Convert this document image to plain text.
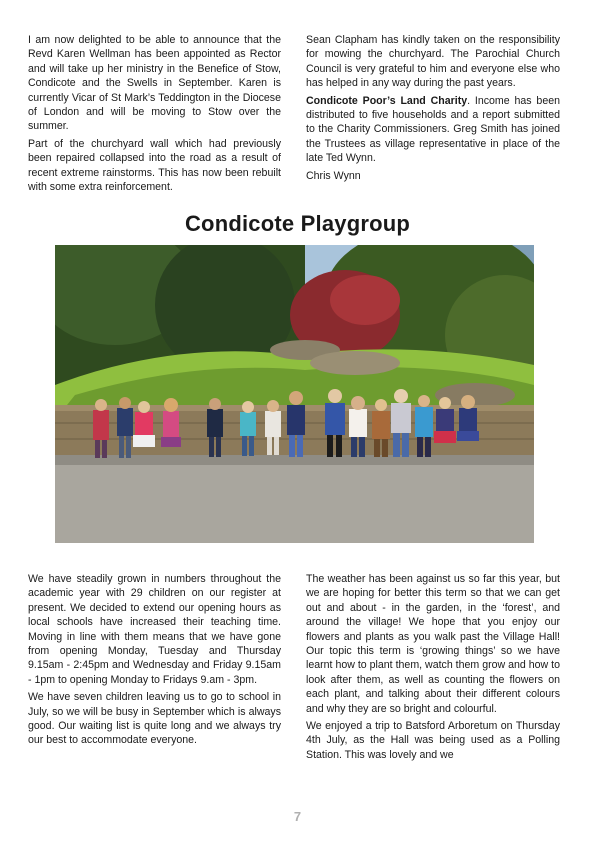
I am now delighted to be able to announce that the Revd Karen Wellman has been appointed as Rector and will take up her ministry in the Benefice of Stow, Condicote and the Swells in September. Karen is currently Vicar of St Mark’s Teddington in the Diocese of London and will be moving to Stow over the summer.

Part of the churchyard wall which had previously been repaired collapsed into the road as a result of recent extreme rainstorms. This has now been rebuilt with some extra reinforcement.

Sean Clapham has kindly taken on the responsibility for mowing the churchyard. The Parochial Church Council is very grateful to him and everyone else who has helped in any way during the past years.

Condicote Poor’s Land Charity. Income has been distributed to five households and a report submitted to the Charity Commissioners. Greg Smith has joined the Trustees as village representative in place of the late Ted Wynn.

Chris Wynn

Condicote Playgroup

We have steadily grown in numbers throughout the academic year with 29 children on our register at present. We decided to extend our opening hours as local schools have increased their teaching time. Moving in line with them means that we have gone from opening Monday, Tuesday and Thursday 9.15am - 2:45pm and Wednesday and Friday 9.15am - 1pm to opening Monday to Fridays 9.am - 3pm.

We have seven children leaving us to go to school in July, so we will be busy in September which is always good. Our waiting list is quite long and we always try our best to accommodate everyone.

The weather has been against us so far this year, but we are hoping for better this term so that we can get out and about - in the garden, in the ‘forest’, and around the village! We hope that you enjoy our flowers and plants as you walk past the Village Hall! Our topic this term is ‘growing things’ so we have learnt how to plant them, watch them grow and how to look after them, as well as counting the flowers on each plant, and talking about their different colours and why they are so bright and colourful.

We enjoyed a trip to Batsford Arboretum on Thursday 4th July, as the Hall was being used as a Polling Station. This was lovely and we

7
